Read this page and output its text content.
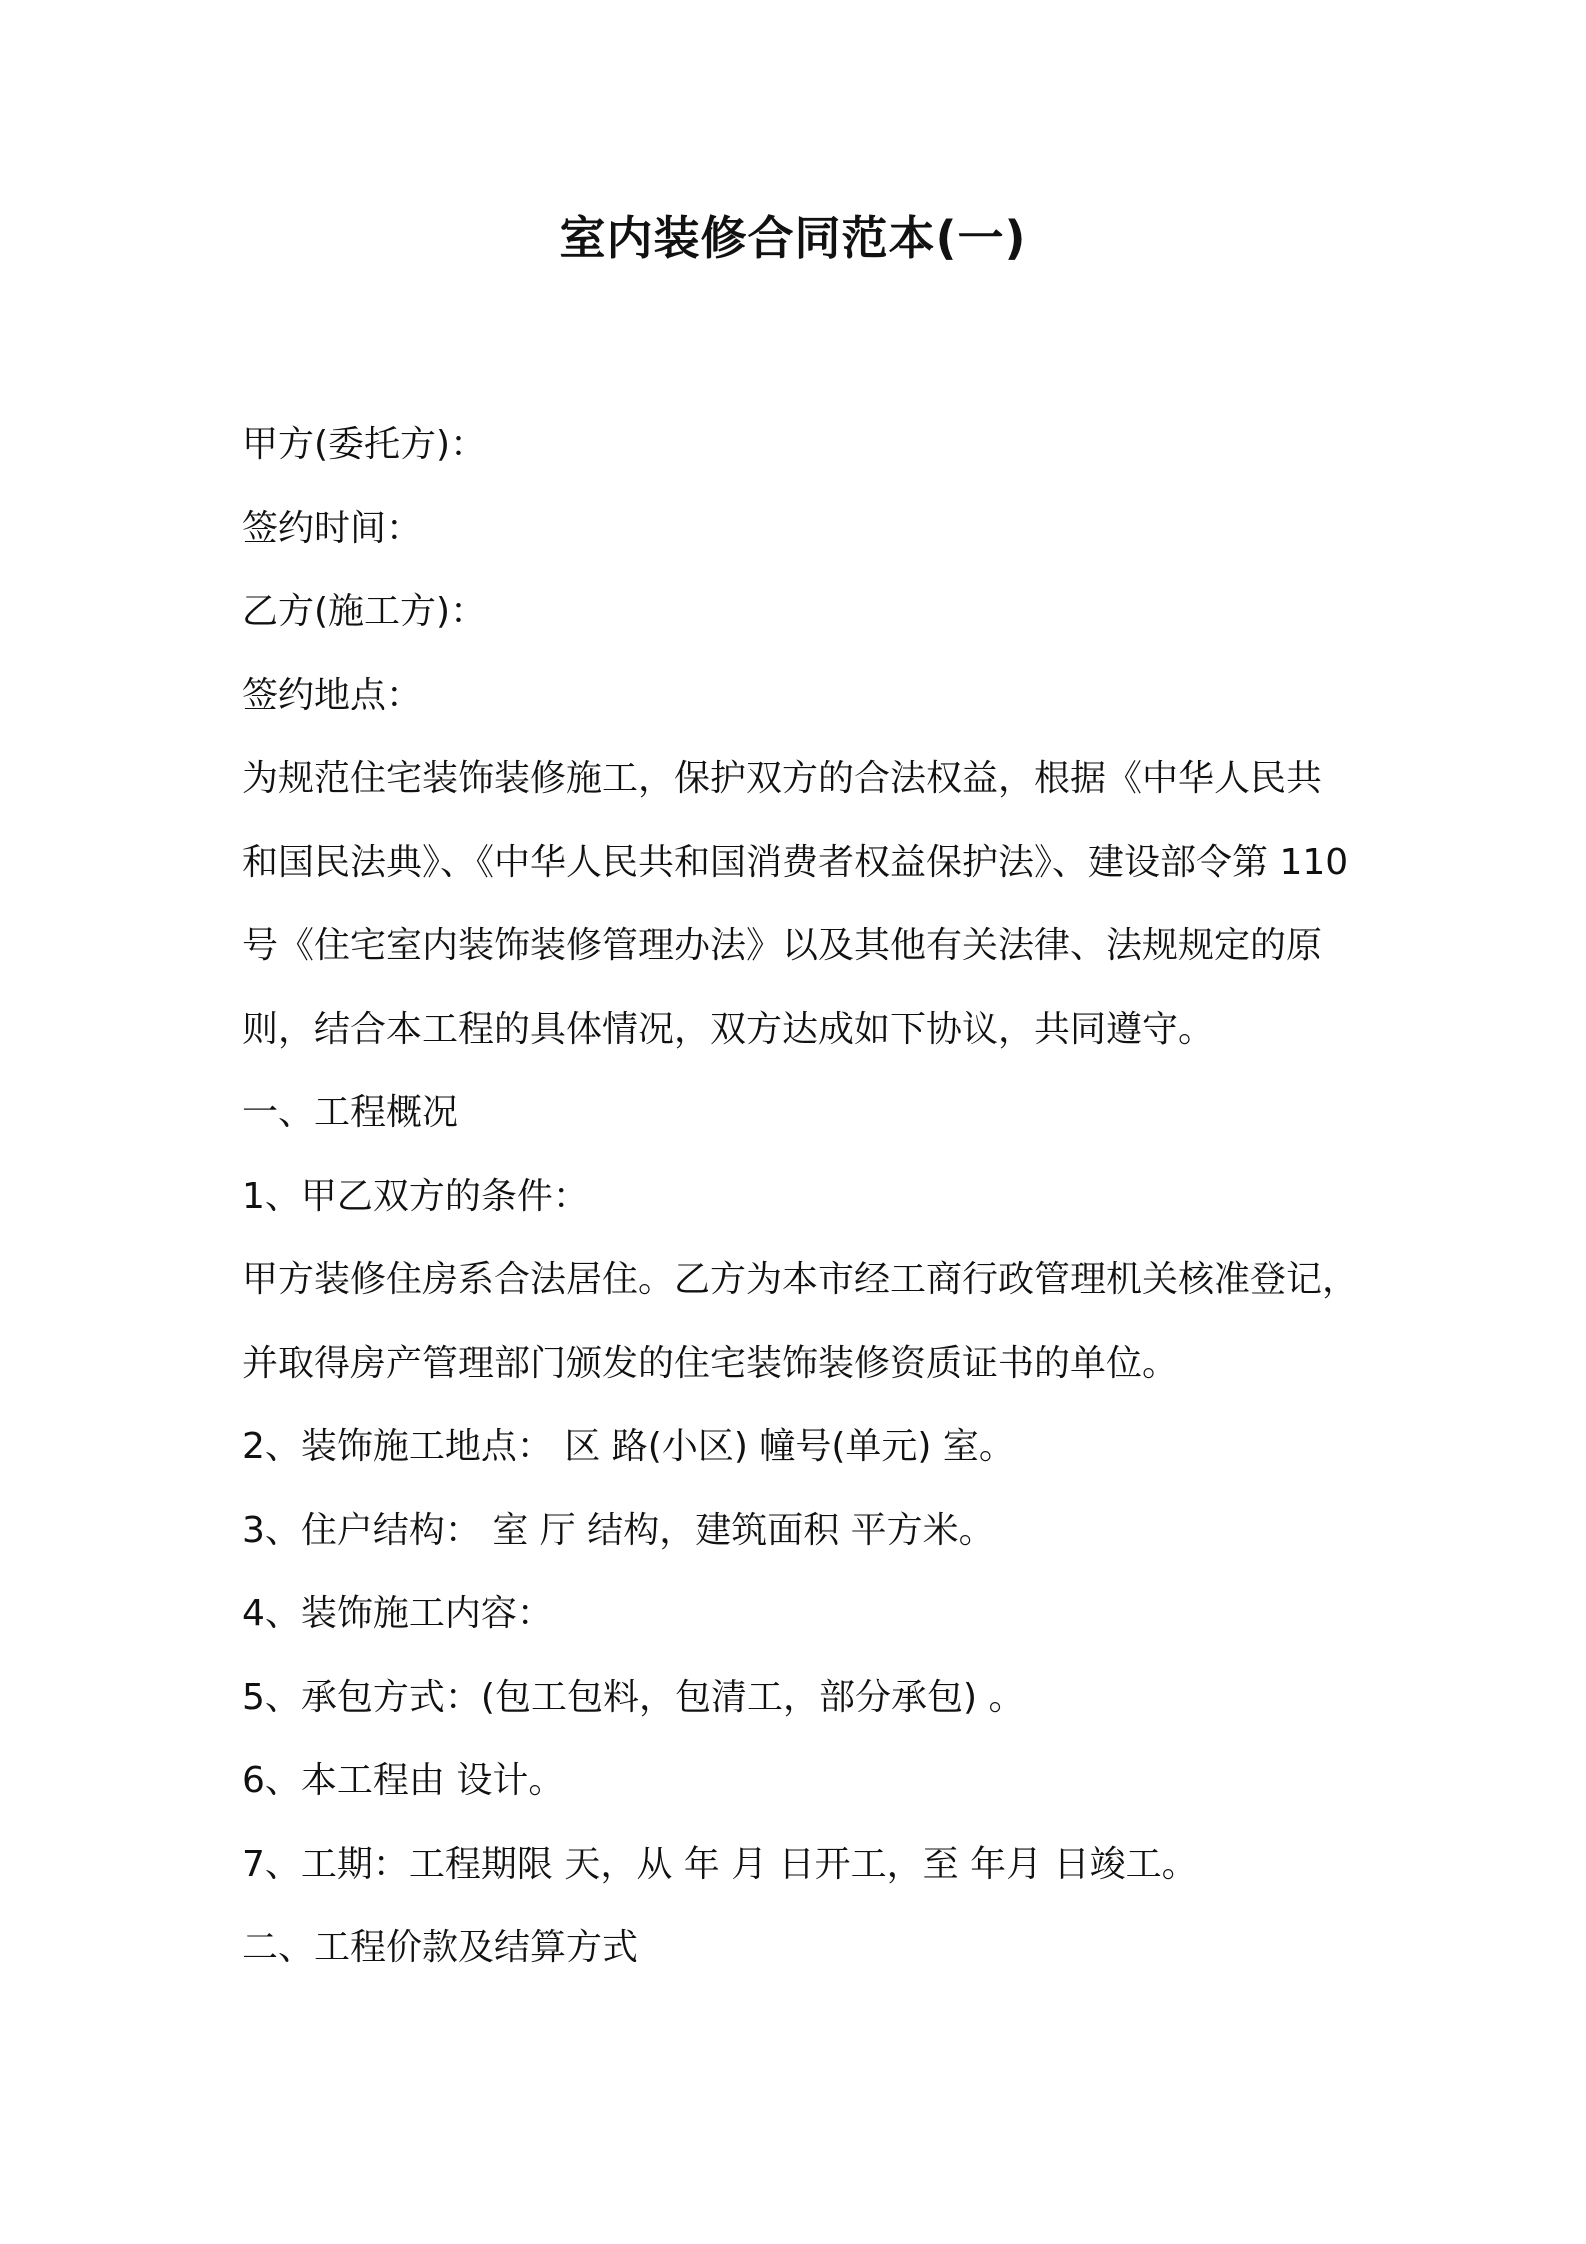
室内装修合同范本(一)
甲方(委托方)：
签约时间：
乙方(施工方)：
签约地点：
为规范住宅装饰装修施工，保护双方的合法权益，根据《中华人民共
和国民法典》、《中华人民共和国消费者权益保护法》、建设部令第 110
号《住宅室内装饰装修管理办法》以及其他有关法律、法规规定的原
则，结合本工程的具体情况，双方达成如下协议，共同遵守。
一、工程概况
1、甲乙双方的条件：
甲方装修住房系合法居住。乙方为本市经工商行政管理机关核准登记，
并取得房产管理部门颁发的住宅装饰装修资质证书的单位。
2、装饰施工地点： 区 路(小区) 幢号(单元) 室。
3、住户结构： 室 厅 结构，建筑面积 平方米。
4、装饰施工内容：
5、承包方式：(包工包料，包清工，部分承包) 。
6、本工程由 设计。
7、工期：工程期限 天，从 年 月 日开工，至 年月 日竣工。
二、工程价款及结算方式
